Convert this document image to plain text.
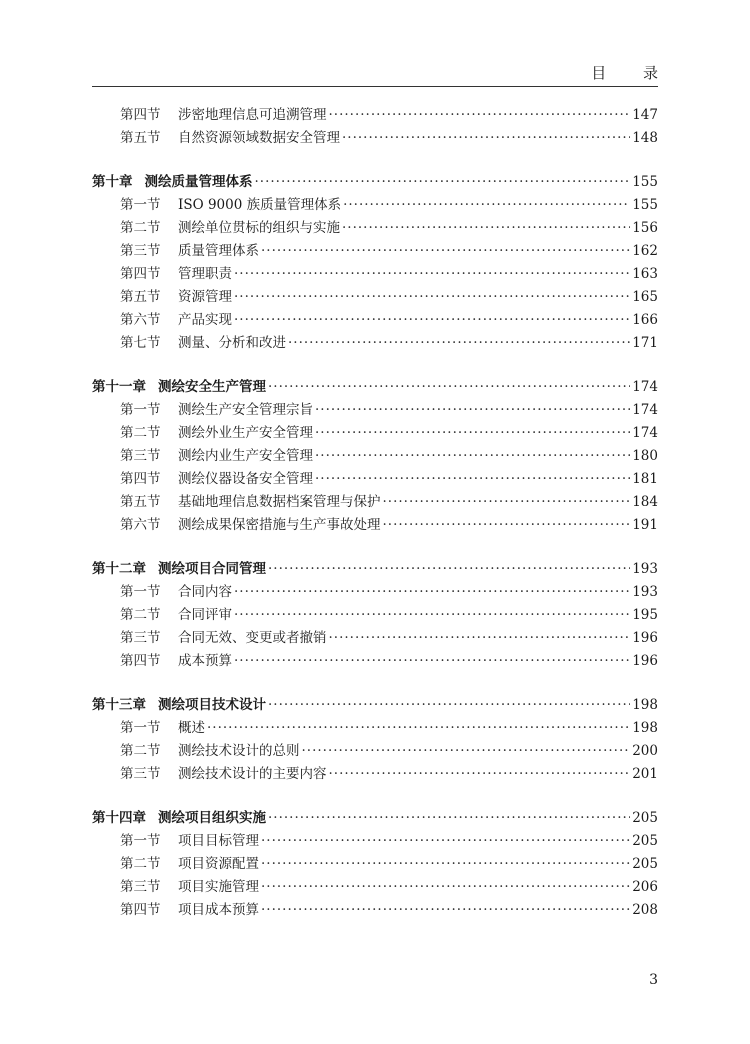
目 录
第四节	涉密地理信息可追溯管理 ·····	147
第五节	自然资源领域数据安全管理 ·····	148
第十章 测绘质量管理体系 ·····	155
第一节	ISO 9000 族质量管理体系 ·····	155
第二节	测绘单位贯标的组织与实施 ·····	156
第三节	质量管理体系 ·····	162
第四节	管理职责 ·····	163
第五节	资源管理 ·····	165
第六节	产品实现 ·····	166
第七节	测量、分析和改进 ·····	171
第十一章 测绘安全生产管理 ·····	174
第一节	测绘生产安全管理宗旨 ·····	174
第二节	测绘外业生产安全管理 ·····	174
第三节	测绘内业生产安全管理 ·····	180
第四节	测绘仪器设备安全管理 ·····	181
第五节	基础地理信息数据档案管理与保护 ·····	184
第六节	测绘成果保密措施与生产事故处理 ·····	191
第十二章 测绘项目合同管理 ·····	193
第一节	合同内容 ·····	193
第二节	合同评审 ·····	195
第三节	合同无效、变更或者撤销 ·····	196
第四节	成本预算 ·····	196
第十三章 测绘项目技术设计 ·····	198
第一节	概述 ·····	198
第二节	测绘技术设计的总则 ·····	200
第三节	测绘技术设计的主要内容 ·····	201
第十四章 测绘项目组织实施 ·····	205
第一节	项目目标管理 ·····	205
第二节	项目资源配置 ·····	205
第三节	项目实施管理 ·····	206
第四节	项目成本预算 ·····	208
3
